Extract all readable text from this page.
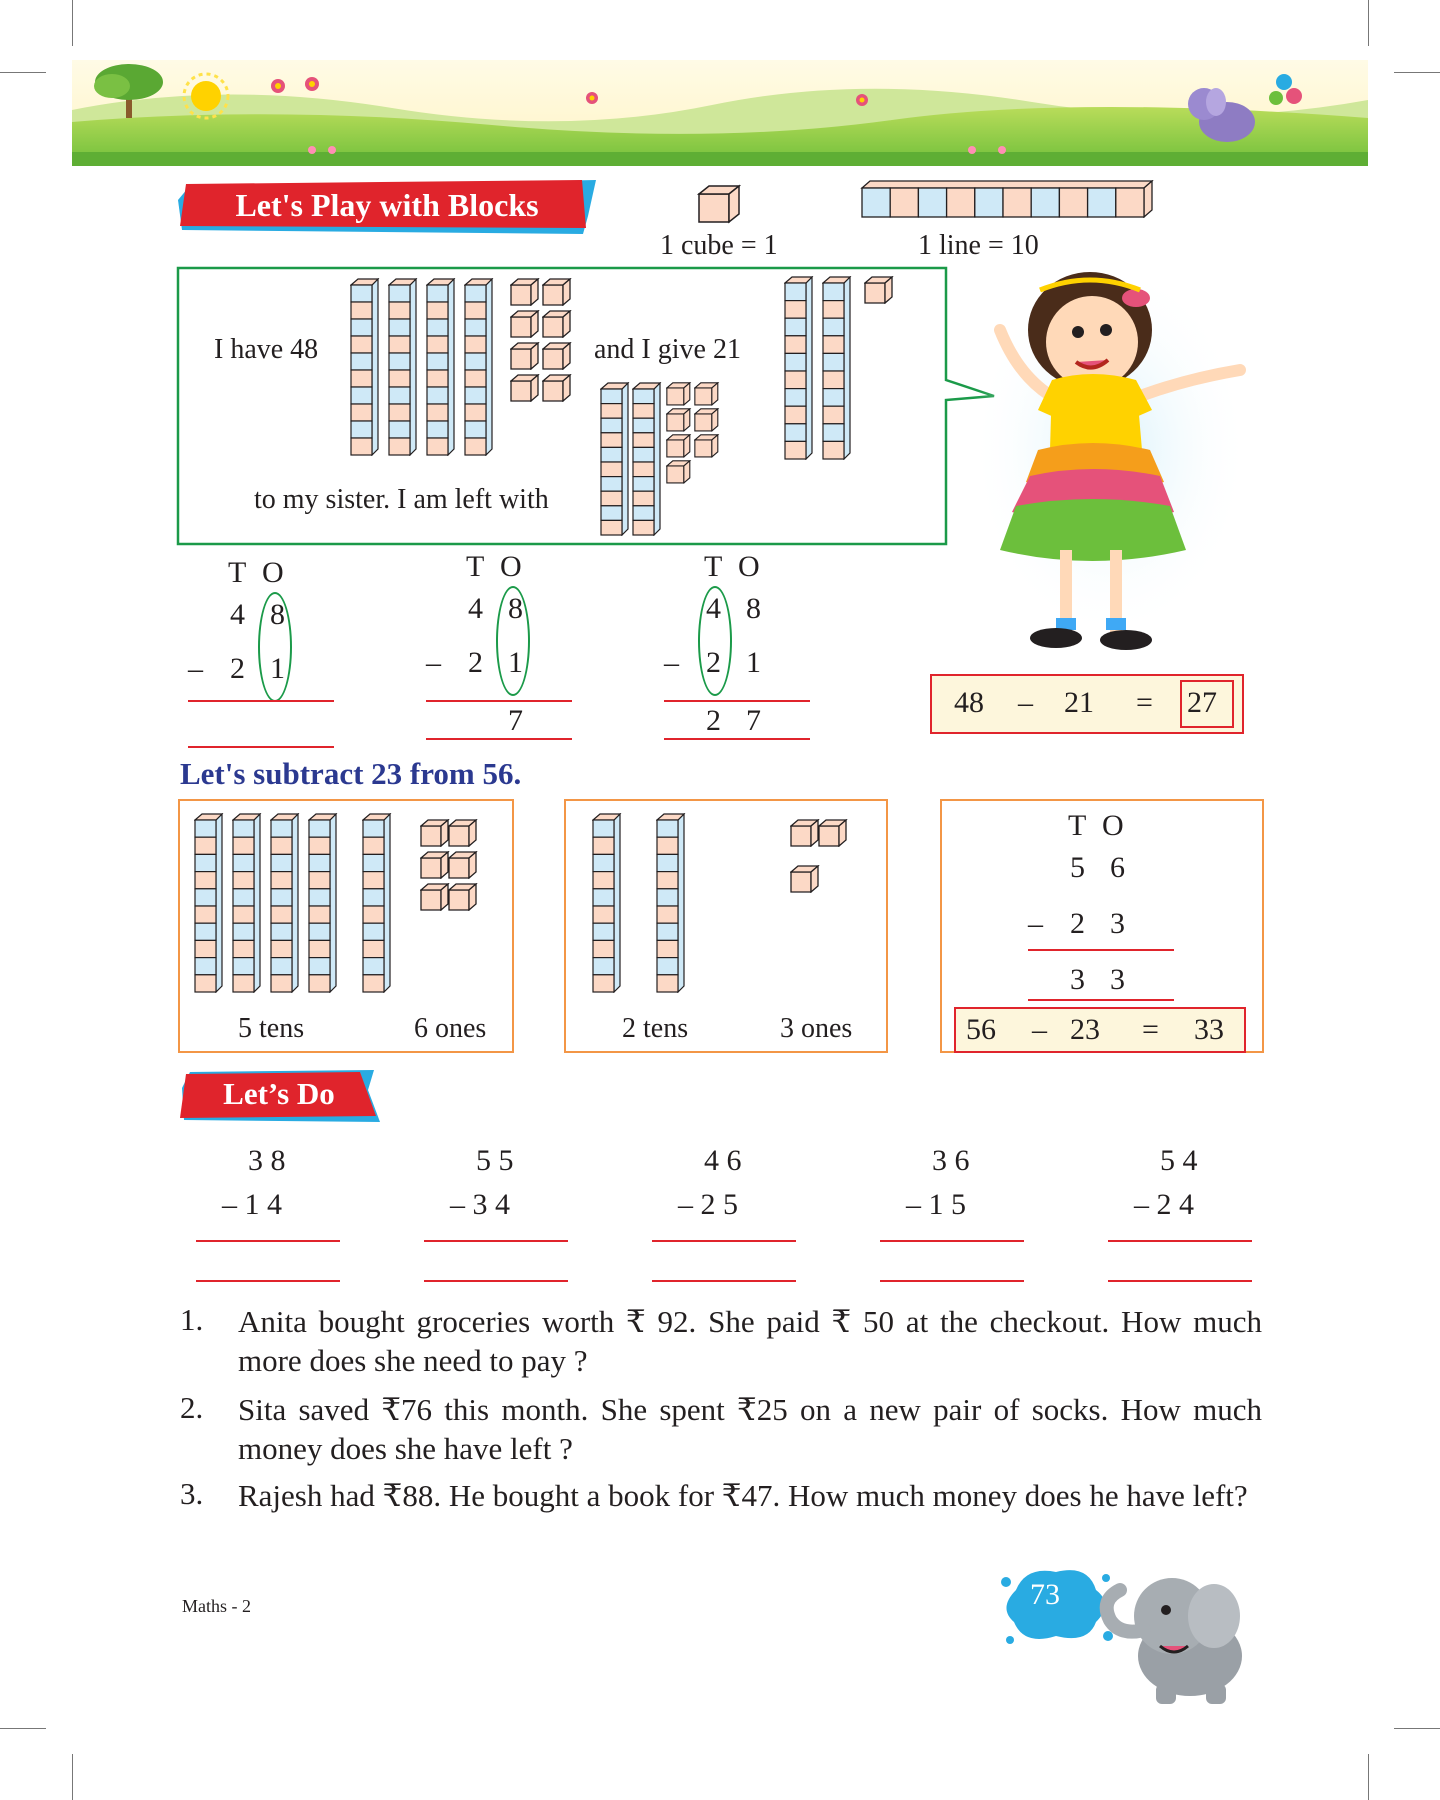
Let's Play with Blocks
1 cube = 1	1 line = 10
I have 48	and I give 21
to my sister. I am left with
T O
4 8
– 2 1
T O
4 8
– 2 1
7
T O
4 8
– 2 1
2 7
48 – 21 = 27
Let's subtract 23 from 56.
5 tens	6 ones	2 tens	3 ones
T O
5 6
– 2 3
3 3
56 – 23 = 33
Let’s Do
3 8
– 1 4
5 5
– 3 4
4 6
– 2 5
3 6
– 1 5
5 4
– 2 4
1. Anita bought groceries worth ₹ 92. She paid ₹ 50 at the checkout. How much more does she need to pay ?
2. Sita saved ₹76 this month. She spent ₹25 on a new pair of socks. How much money does she have left ?
3. Rajesh had ₹88. He bought a book for ₹47. How much money does he have left?
Maths - 2	73
